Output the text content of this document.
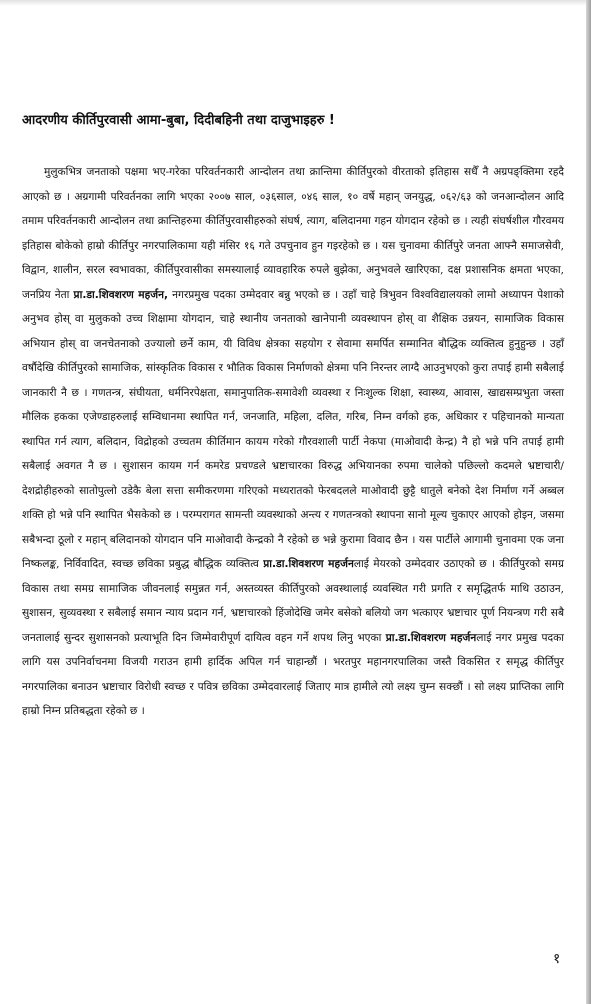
आदरणीय कीर्तिपुरवासी आमा-बुबा, दिदीबहिनी तथा दाजुभाइहरु !

मुलुकभित्र जनताको पक्षमा भए-गरेका परिवर्तनकारी आन्दोलन तथा क्रान्तिमा कीर्तिपुरको वीरताको इतिहास सधैँ नै अग्रपङ्क्तिमा रहदै आएको छ । अग्रगामी परिवर्तनका लागि भएका २००७ साल, ०३६साल, ०४६ साल, १० वर्षे महान् जनयुद्ध, ०६२/६३ को जनआन्दोलन आदि तमाम परिवर्तनकारी आन्दोलन तथा क्रान्तिहरुमा कीर्तिपुरवासीहरुको संघर्ष, त्याग, बलिदानमा गहन योगदान रहेको छ । त्यही संघर्षशील गौरवमय इतिहास बोकेको हाम्रो कीर्तिपुर नगरपालिकामा यही मंसिर १६ गते उपचुनाव हुन गइरहेको छ । यस चुनावमा कीर्तिपुरे जनता आफ्नै समाजसेवी, विद्वान, शालीन, सरल स्वभावका, कीर्तिपुरवासीका समस्यालाई व्यावहारिक रुपले बुझेका, अनुभवले खारिएका, दक्ष प्रशासनिक क्षमता भएका, जनप्रिय नेता प्रा.डा.शिवशरण महर्जन, नगरप्रमुख पदका उम्मेदवार बन्नु भएको छ । उहाँ चाहे त्रिभुवन विश्वविद्यालयको लामो अध्यापन पेशाको अनुभव होस् वा मुलुकको उच्च शिक्षामा योगदान, चाहे स्थानीय जनताको खानेपानी व्यवस्थापन होस् वा शैक्षिक उन्नयन, सामाजिक विकास अभियान होस् वा जनचेतनाको उज्यालो छर्ने काम, यी विविध क्षेत्रका सहयोग र सेवामा समर्पित सम्मानित बौद्धिक व्यक्तित्व हुनुहुन्छ । उहाँ वर्षौदेखि कीर्तिपुरको सामाजिक, सांस्कृतिक विकास र भौतिक विकास निर्माणको क्षेत्रमा पनि निरन्तर लाग्दै आउनुभएको कुरा तपाई हामी सबैलाई जानकारी नै छ । गणतन्त्र, संघीयता, धर्मनिरपेक्षता, समानुपातिक-समावेशी व्यवस्था र निःशुल्क शिक्षा, स्वास्थ्य, आवास, खाद्यसम्प्रभुता जस्ता मौलिक हकका एजेण्डाहरुलाई सम्विधानमा स्थापित गर्न, जनजाति, महिला, दलित, गरिब, निम्न वर्गको हक, अधिकार र पहिचानको मान्यता स्थापित गर्न त्याग, बलिदान, विद्रोहको उच्चतम कीर्तिमान कायम गरेको गौरवशाली पार्टी नेकपा (माओवादी केन्द्र) नै हो भन्ने पनि तपाई हामी सबैलाई अवगत नै छ । सुशासन कायम गर्न कमरेड प्रचण्डले भ्रष्टाचारका विरुद्ध अभियानका रुपमा चालेको पछिल्लो कदमले भ्रष्टाचारी/देशद्रोहीहरुको सातोपुत्लो उडेकै बेला सत्ता समीकरणमा गरिएको मध्यरातको फेरबदलले माओवादी छुट्टै धातुले बनेको देश निर्माण गर्ने अब्बल शक्ति हो भन्ने पनि स्थापित भैसकेको छ । परम्परागत सामन्ती व्यवस्थाको अन्त्य र गणतन्त्रको स्थापना सानो मूल्य चुकाएर आएको होइन, जसमा सबैभन्दा ठूलो र महान् बलिदानको योगदान पनि माओवादी केन्द्रको नै रहेको छ भन्ने कुरामा विवाद छैन । यस पार्टीले आगामी चुनावमा एक जना निष्कलङ्क, निर्विवादित, स्वच्छ छविका प्रबुद्ध बौद्धिक व्यक्तित्व प्रा.डा.शिवशरण महर्जनलाई मेयरको उम्मेदवार उठाएको छ । कीर्तिपुरको समग्र विकास तथा समग्र सामाजिक जीवनलाई समुन्नत गर्न, अस्तव्यस्त कीर्तिपुरको अवस्थालाई व्यवस्थित गरी प्रगति र समृद्धितर्फ माथि उठाउन, सुशासन, सुव्यवस्था र सबैलाई समान न्याय प्रदान गर्न, भ्रष्टाचारको हिंजोदेखि जमेर बसेको बलियो जग भत्काएर भ्रष्टाचार पूर्ण नियन्त्रण गरी सबै जनतालाई सुन्दर सुशासनको प्रत्याभूति दिन जिम्मेवारीपूर्ण दायित्व वहन गर्ने शपथ लिनु भएका प्रा.डा.शिवशरण महर्जनलाई नगर प्रमुख पदका लागि यस उपनिर्वाचनमा विजयी गराउन हामी हार्दिक अपिल गर्न चाहान्छौं । भरतपुर महानगरपालिका जस्तै विकसित र समृद्ध कीर्तिपुर नगरपालिका बनाउन भ्रष्टाचार विरोधी स्वच्छ र पवित्र छविका उम्मेदवारलाई जिताए मात्र हामीले त्यो लक्ष्य चुम्न सक्छौं । सो लक्ष्य प्राप्तिका लागि हाम्रो निम्न प्रतिबद्धता रहेको छ ।

१
